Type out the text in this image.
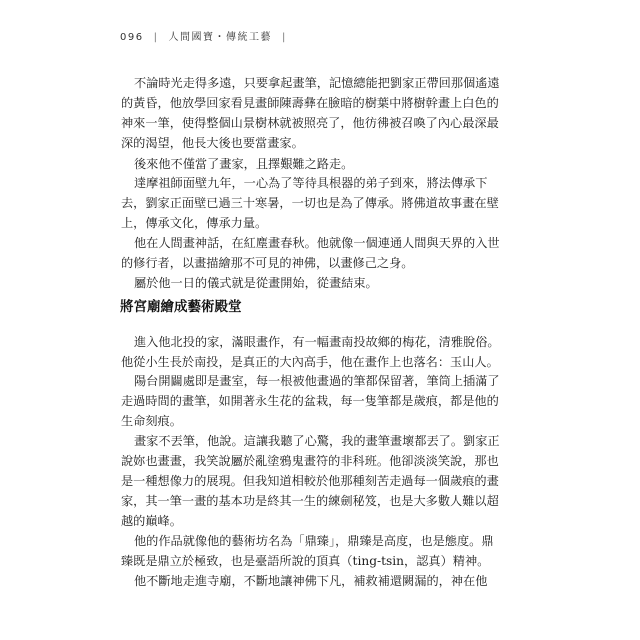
096 | 人間國寶・傳統工藝 |
不論時光走得多遠，只要拿起畫筆，記憶總能把劉家正帶回那個遙遠
的黃昏，他放學回家看見畫師陳壽彝在臉暗的樹葉中將樹幹畫上白色的
神來一筆，使得整個山景樹林就被照亮了，他彷彿被召喚了內心最深最
深的渴望，他長大後也要當畫家。
後來他不僅當了畫家，且擇艱難之路走。
達摩祖師面壁九年，一心為了等待具根器的弟子到來，將法傳承下
去，劉家正面壁已過三十寒暑，一切也是為了傳承。將佛道故事畫在壁
上，傳承文化，傳承力量。
他在人間畫神話，在紅塵畫春秋。他就像一個連通人間與天界的入世
的修行者，以畫描繪那不可見的神佛，以畫修己之身。
屬於他一日的儀式就是從畫開始，從畫結束。
將宮廟繪成藝術殿堂
進入他北投的家，滿眼畫作，有一幅畫南投故鄉的梅花，清雅脫俗。
他從小生長於南投，是真正的大內高手，他在畫作上也落名：玉山人。
陽台開闢處即是畫室，每一根被他畫過的筆都保留著，筆筒上插滿了
走過時間的畫筆，如開著永生花的盆栽，每一隻筆都是歲痕，都是他的
生命刻痕。
畫家不丟筆，他說。這讓我聽了心驚，我的畫筆畫壞都丟了。劉家正
說妳也畫畫，我笑說屬於亂塗鴉鬼畫符的非科班。他卻淡淡笑說，那也
是一種想像力的展現。但我知道相較於他那種刻苦走過每一個歲痕的畫
家，其一筆一畫的基本功是終其一生的練劍秘笈，也是大多數人難以超
越的巔峰。
他的作品就像他的藝術坊名為「鼎臻」，鼎臻是高度，也是態度。鼎
臻既是鼎立於極致，也是臺語所說的頂真（ting-tsin，認真）精神。
他不斷地走進寺廟，不斷地讓神佛下凡，補救補還闕漏的，神在他
